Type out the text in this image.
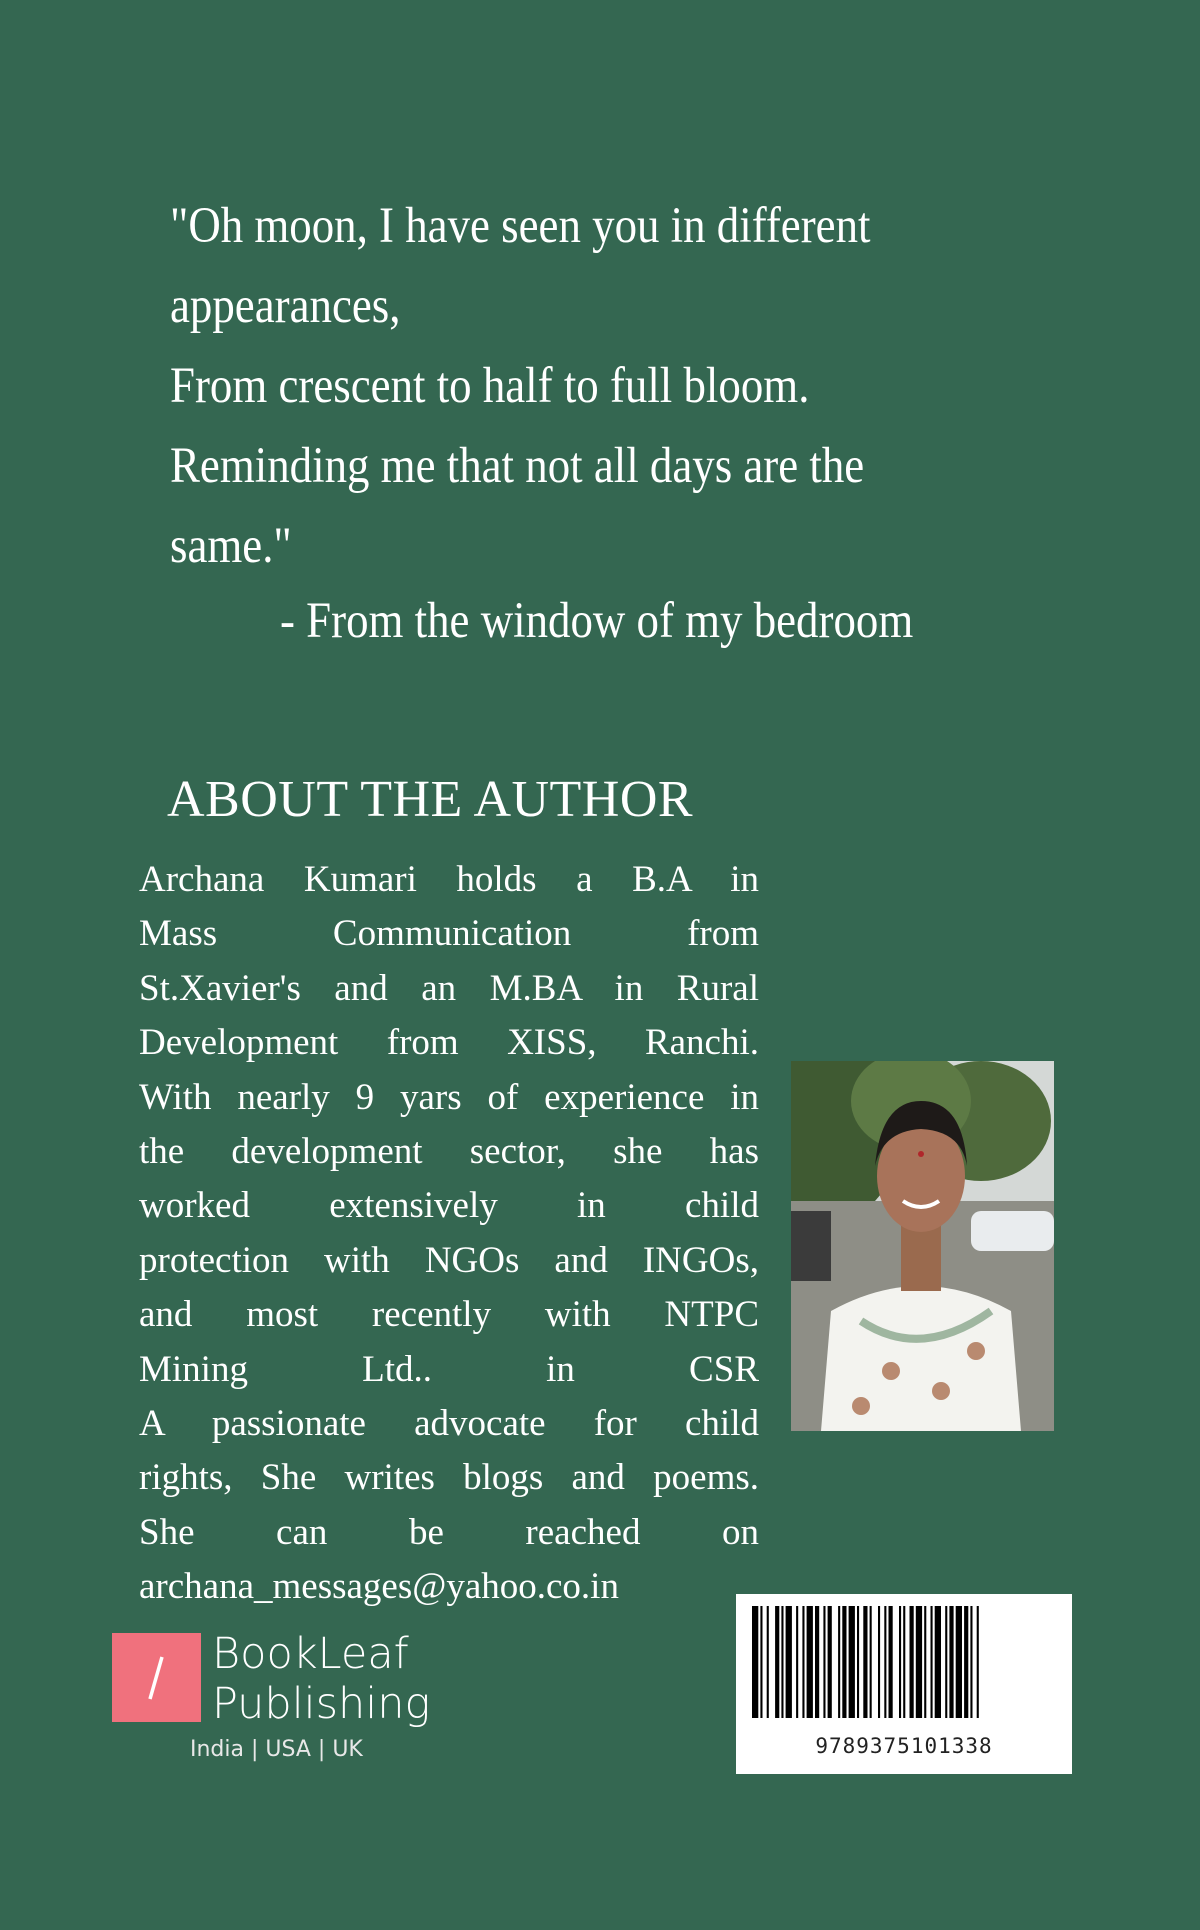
"Oh moon, I have seen you in different
appearances,
From crescent to half to full bloom.
Reminding me that not all days are the
same."
- From the window of my bedroom
ABOUT THE AUTHOR
Archana Kumari holds a B.A in
Mass Communication from
St.Xavier's and an M.BA in Rural
Development from XISS, Ranchi.
With nearly 9 yars of experience in
the development sector, she has
worked extensively in child
protection with NGOs and INGOs,
and most recently with NTPC
Mining Ltd.. in CSR
A passionate advocate for child
rights, She writes blogs and poems.
She can be reached on
archana_messages@yahoo.co.in
BookLeaf
Publishing
India | USA | UK	9789375101338
